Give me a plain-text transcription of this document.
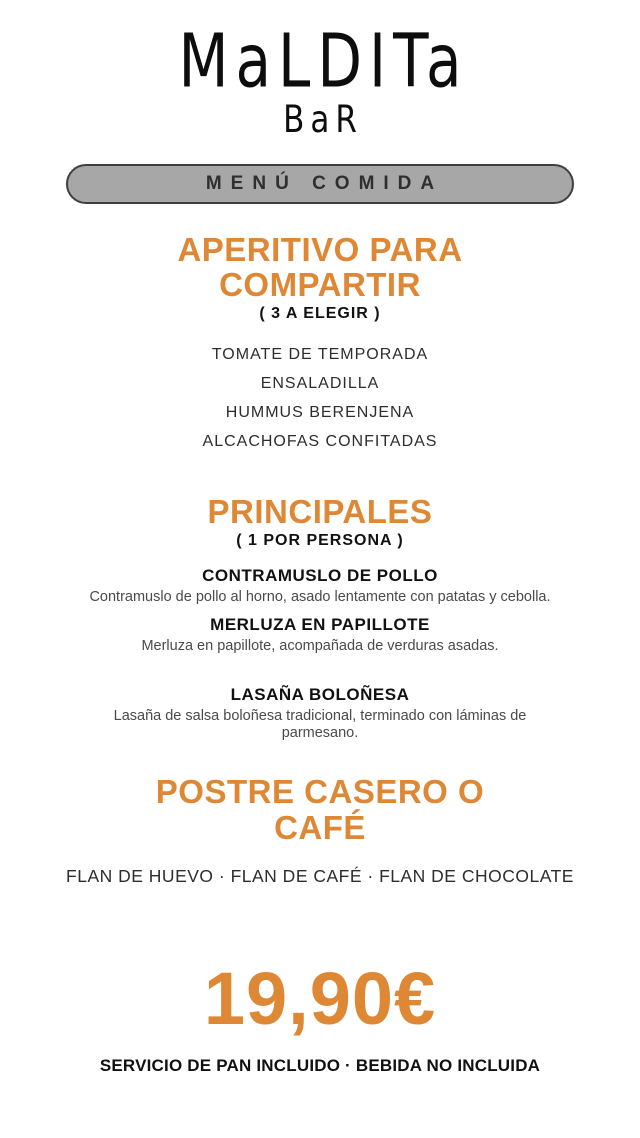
MaLDITa
BaR
MENÚ COMIDA
APERITIVO PARA COMPARTIR
( 3 A ELEGIR )
TOMATE DE TEMPORADA
ENSALADILLA
HUMMUS BERENJENA
ALCACHOFAS CONFITADAS
PRINCIPALES
( 1 POR PERSONA )
CONTRAMUSLO DE POLLO
Contramuslo de pollo al horno, asado lentamente con patatas y cebolla.
MERLUZA EN PAPILLOTE
Merluza en papillote, acompañada de verduras asadas.
LASAÑA BOLOÑESA
Lasaña de salsa boloñesa tradicional, terminado con láminas de parmesano.
POSTRE CASERO O CAFÉ
FLAN DE HUEVO · FLAN DE CAFÉ · FLAN DE CHOCOLATE
19,90€
SERVICIO DE PAN INCLUIDO · BEBIDA NO INCLUIDA
